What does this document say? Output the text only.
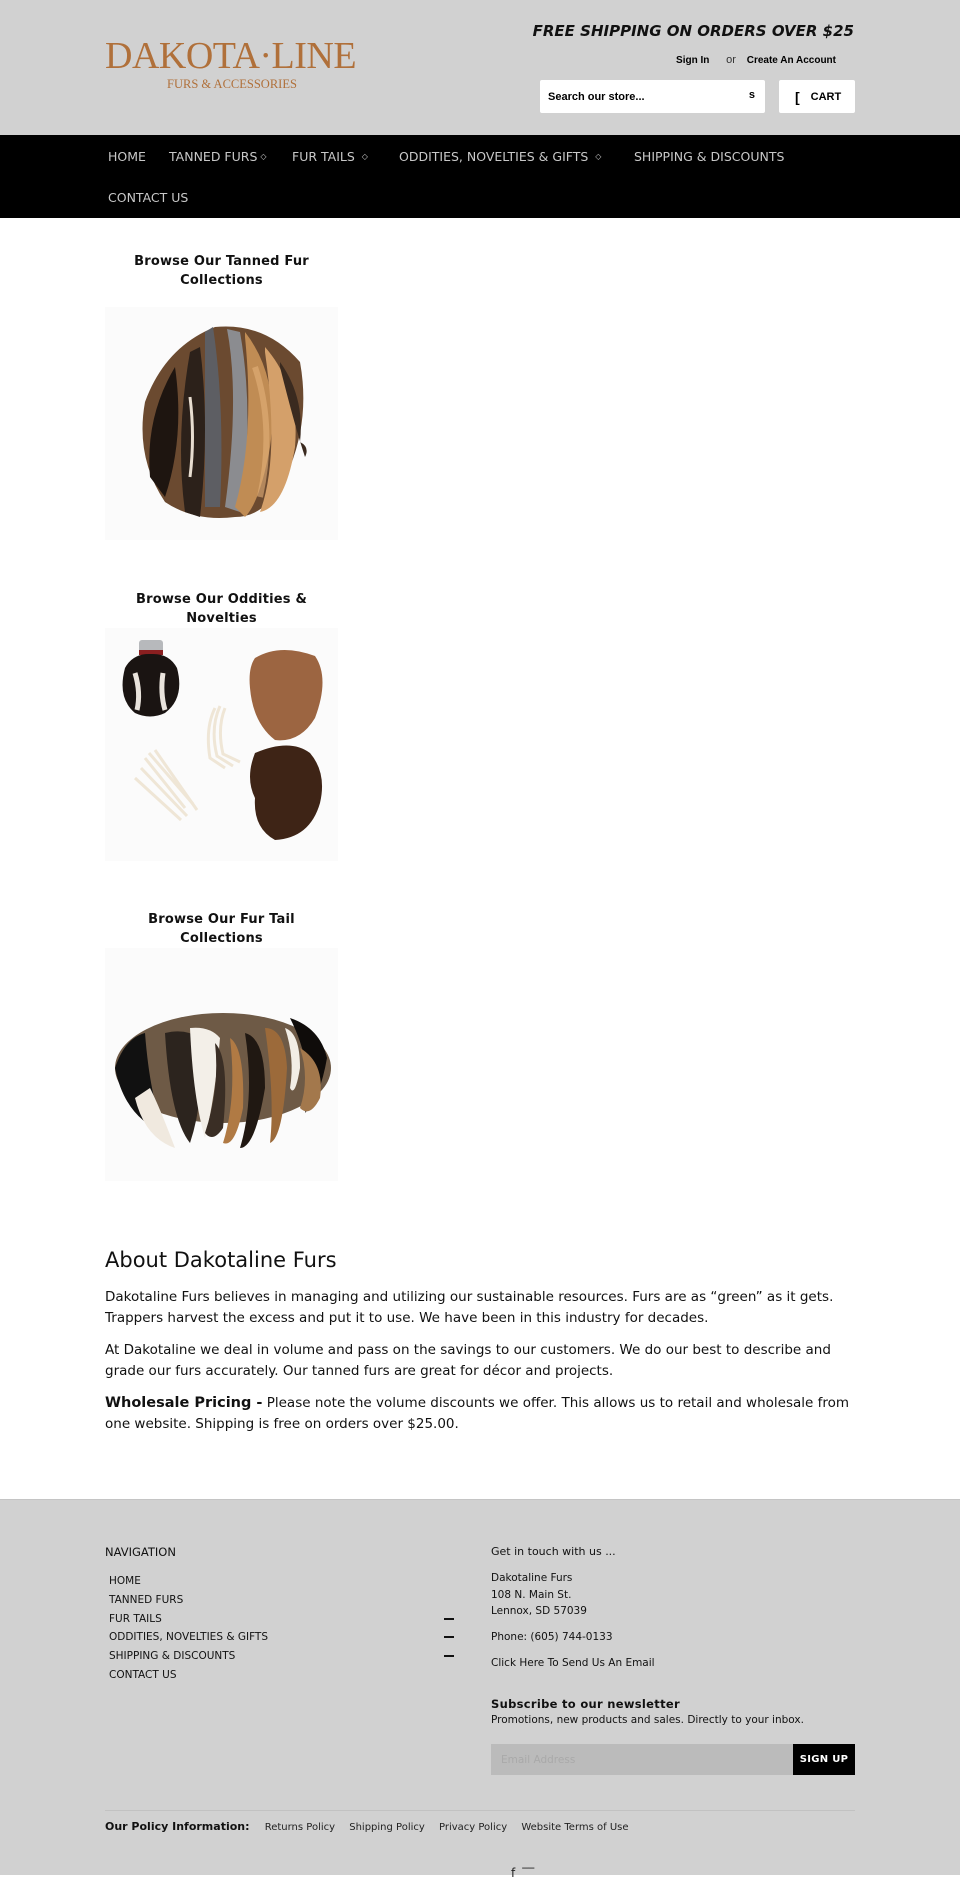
DAKOTA·LINE
FURS & ACCESSORIES
FREE SHIPPING ON ORDERS OVER $25
Sign In or Create An Account
Search our store...
s	[ CART
HOME TANNED FURS ◇ FUR TAILS ◇ ODDITIES, NOVELTIES & GIFTS ◇	SHIPPING & DISCOUNTS
CONTACT US
Browse Our Tanned Fur
Collections
Browse Our Oddities & Novelties
Browse Our Fur Tail Collections
About Dakotaline Furs

Dakotaline Furs believes in managing and utilizing our sustainable resources. Furs are as “green” as it gets. Trappers harvest the excess and put it to use. We have been in this industry for decades.

At Dakotaline we deal in volume and pass on the savings to our customers. We do our best to describe and grade our furs accurately. Our tanned furs are great for décor and projects.

Wholesale Pricing - Please note the volume discounts we offer. This allows us to retail and wholesale from one website. Shipping is free on orders over $25.00.

NAVIGATION
HOME
TANNED FURS
FUR TAILS
ODDITIES, NOVELTIES & GIFTS
SHIPPING & DISCOUNTS
CONTACT US
Get in touch with us ...
Dakotaline Furs
108 N. Main St.
Lennox, SD 57039
Phone: (605) 744-0133
Click Here To Send Us An Email
Subscribe to our newsletter
Promotions, new products and sales. Directly to your inbox.
Email Address
SIGN UP
Our Policy Information: Returns Policy Shipping Policy Privacy Policy Website Terms of Use
f ‾‾
